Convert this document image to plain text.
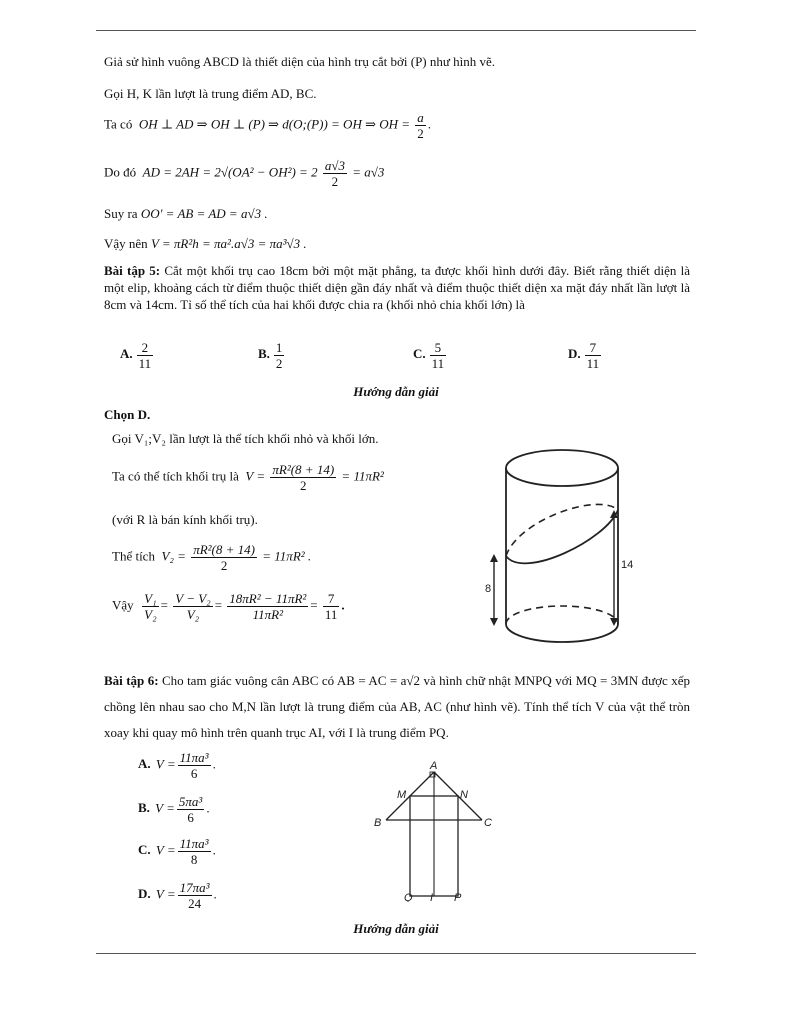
Giả sử hình vuông ABCD là thiết diện của hình trụ cắt bởi (P) như hình vẽ.
Gọi H, K lần lượt là trung điểm AD, BC.
Ta có OH ⊥ AD ⇒ OH ⊥ (P) ⇒ d(O;(P)) = OH ⇒ OH = $\frac{a}{2}$ .
Do đó AD = $2AH = 2√(OA^2 - OH^2) = 2 \frac{a√3}{2} = a√3$
Suy ra OO' = AB = AD = a√3 .
Vậy nên V = πR²h = πa².a√3 = πa³√3 .
Bài tập 5: Cắt một khối trụ cao 18cm bởi một mặt phẳng, ta được khối hình dưới đây. Biết rằng thiết diện là một elip, khoảng cách từ điểm thuộc thiết diện gần đáy nhất và điểm thuộc thiết diện xa mặt đáy nhất lần lượt là 8cm và 14cm. Tỉ số thể tích của hai khối được chia ra (khối nhỏ chia khối lớn) là
A. $\frac{2}{11}$	B. $\frac{1}{2}$	C. $\frac{5}{11}$	D. $\frac{7}{11}$
Hướng dẫn giải
Chọn D.
Gọi V₁;V₂ lần lượt là thể tích khối nhỏ và khối lớn.
Ta có thể tích khối trụ là $V = \frac{\text{πR²(8 + 14)}}{2} = 11\pi R^2$
(với R là bán kính khối trụ).
Thể tích $V_2 = \frac{\text{πR²(8 + 14)}}{2} = 11\pi R^2$ .
Vậy $\frac{\text{V₁}}{\text{V₂}} = \frac{\text{V − V₂}}{\text{V₂}} = \frac{\text{18πR² − 11πR²}}{\text{11πR²}} = \frac{7}{11}$ .
8
14
Bài tập 6: Cho tam giác vuông cân ABC có AB = AC = a√2 và hình chữ nhật MNPQ với MQ = 3MN được xếp chồng lên nhau sao cho M,N lần lượt là trung điểm của AB, AC (như hình vẽ). Tính thể tích V của vật thể tròn xoay khi quay mô hình trên quanh trục AI, với I là trung điểm PQ.
A. $V = \frac{\text{11πa³}}{6}$ .
B. $V = \frac{\text{5πa³}}{6}$ .
C. $V = \frac{\text{11πa³}}{8}$ .
D. $V = \frac{\text{17πa³}}{24}$ .
A
M	N
B	C
Q I P
Hướng dẫn giải
